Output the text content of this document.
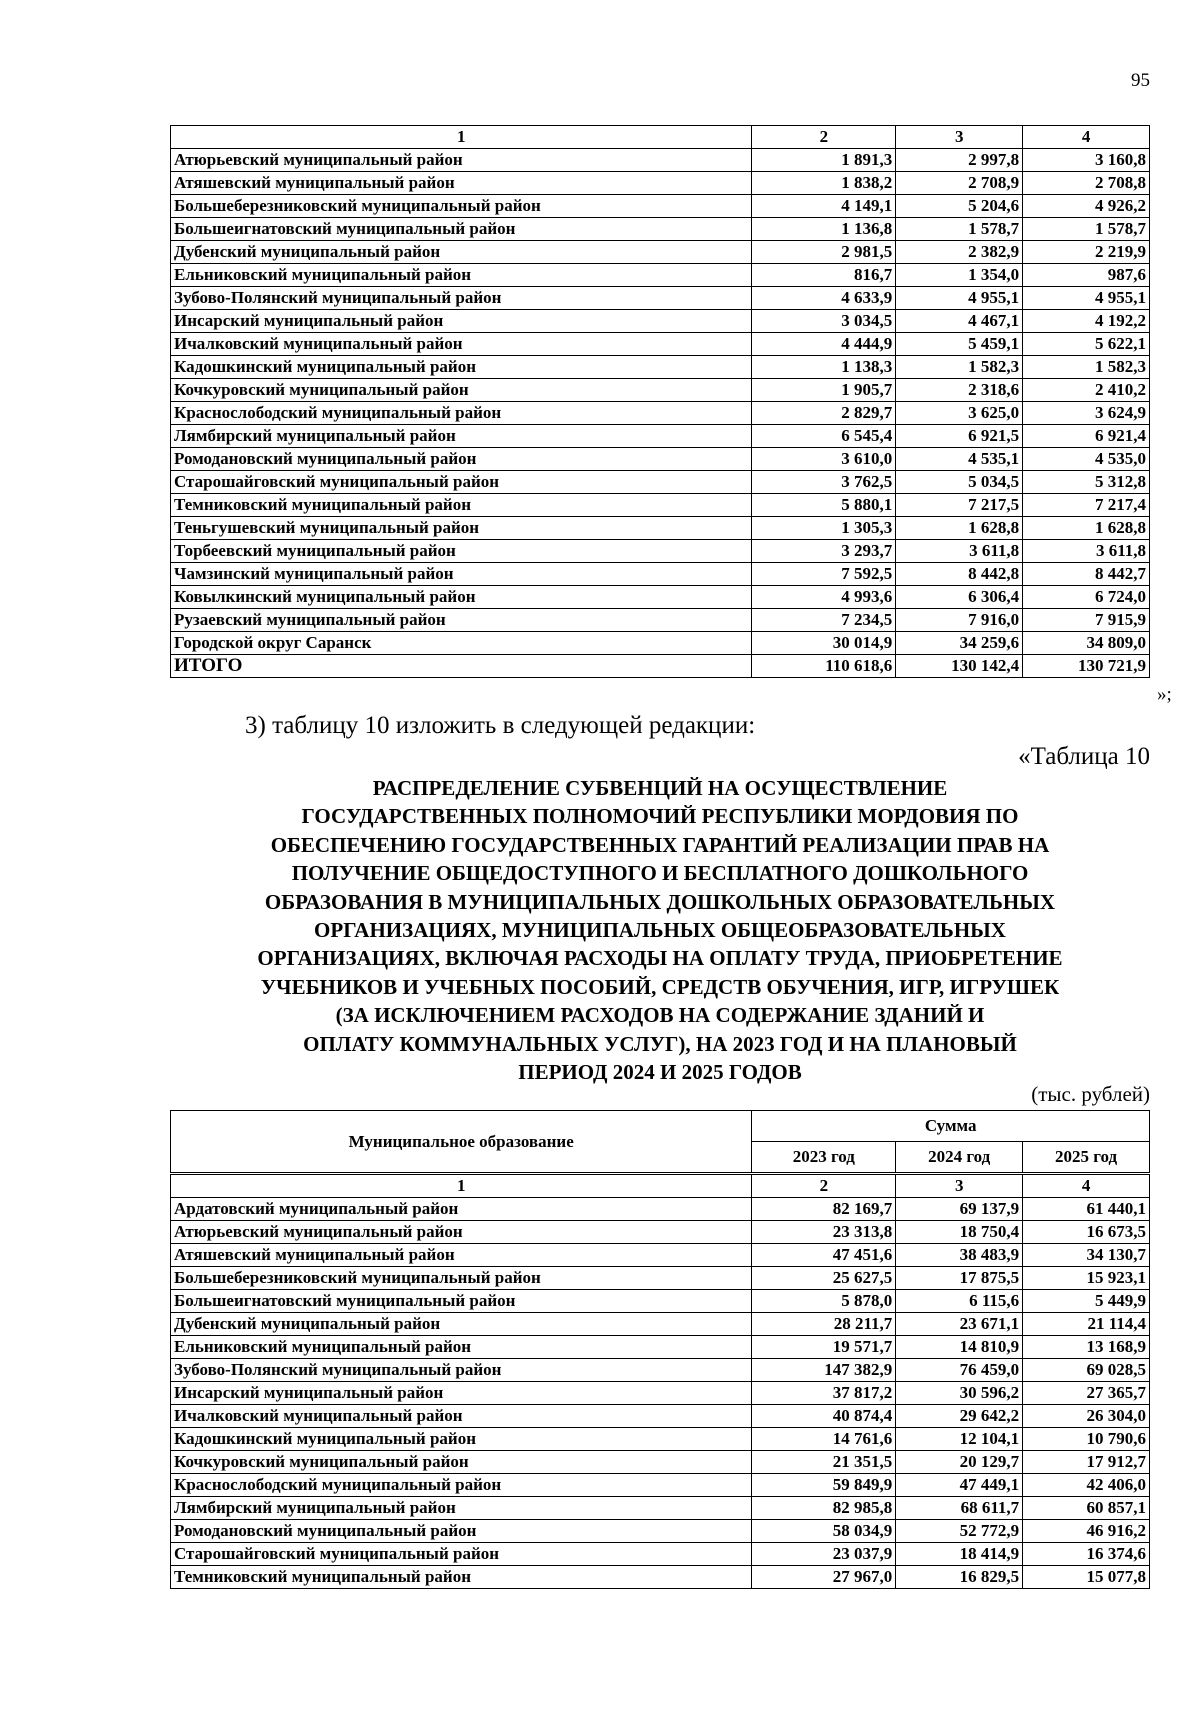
95
1	2	3	4
Атюрьевский муниципальный район	1 891,3	2 997,8	3 160,8
Атяшевский муниципальный район	1 838,2	2 708,9	2 708,8
Большеберезниковский муниципальный район	4 149,1	5 204,6	4 926,2
Большеигнатовский муниципальный район	1 136,8	1 578,7	1 578,7
Дубенский муниципальный район	2 981,5	2 382,9	2 219,9
Ельниковский муниципальный район	816,7	1 354,0	987,6
Зубово-Полянский муниципальный район	4 633,9	4 955,1	4 955,1
Инсарский муниципальный район	3 034,5	4 467,1	4 192,2
Ичалковский муниципальный район	4 444,9	5 459,1	5 622,1
Кадошкинский муниципальный район	1 138,3	1 582,3	1 582,3
Кочкуровский муниципальный район	1 905,7	2 318,6	2 410,2
Краснослободский муниципальный район	2 829,7	3 625,0	3 624,9
Лямбирский муниципальный район	6 545,4	6 921,5	6 921,4
Ромодановский муниципальный район	3 610,0	4 535,1	4 535,0
Старошайговский муниципальный район	3 762,5	5 034,5	5 312,8
Темниковский муниципальный район	5 880,1	7 217,5	7 217,4
Теньгушевский муниципальный район	1 305,3	1 628,8	1 628,8
Торбеевский муниципальный район	3 293,7	3 611,8	3 611,8
Чамзинский муниципальный район	7 592,5	8 442,8	8 442,7
Ковылкинский муниципальный район	4 993,6	6 306,4	6 724,0
Рузаевский муниципальный район	7 234,5	7 916,0	7 915,9
Городской округ Саранск	30 014,9	34 259,6	34 809,0
ИТОГО	110 618,6	130 142,4	130 721,9
»;
3) таблицу 10 изложить в следующей редакции:
«Таблица 10
РАСПРЕДЕЛЕНИЕ СУБВЕНЦИЙ НА ОСУЩЕСТВЛЕНИЕ
ГОСУДАРСТВЕННЫХ ПОЛНОМОЧИЙ РЕСПУБЛИКИ МОРДОВИЯ ПО
ОБЕСПЕЧЕНИЮ ГОСУДАРСТВЕННЫХ ГАРАНТИЙ РЕАЛИЗАЦИИ ПРАВ НА
ПОЛУЧЕНИЕ ОБЩЕДОСТУПНОГО И БЕСПЛАТНОГО ДОШКОЛЬНОГО
ОБРАЗОВАНИЯ В МУНИЦИПАЛЬНЫХ ДОШКОЛЬНЫХ ОБРАЗОВАТЕЛЬНЫХ
ОРГАНИЗАЦИЯХ, МУНИЦИПАЛЬНЫХ ОБЩЕОБРАЗОВАТЕЛЬНЫХ
ОРГАНИЗАЦИЯХ, ВКЛЮЧАЯ РАСХОДЫ НА ОПЛАТУ ТРУДА, ПРИОБРЕТЕНИЕ
УЧЕБНИКОВ И УЧЕБНЫХ ПОСОБИЙ, СРЕДСТВ ОБУЧЕНИЯ, ИГР, ИГРУШЕК
(ЗА ИСКЛЮЧЕНИЕМ РАСХОДОВ НА СОДЕРЖАНИЕ ЗДАНИЙ И
ОПЛАТУ КОММУНАЛЬНЫХ УСЛУГ), НА 2023 ГОД И НА ПЛАНОВЫЙ
ПЕРИОД 2024 И 2025 ГОДОВ
(тыс. рублей)
Муниципальное образование	Сумма		
	2023 год	2024 год	2025 год
1	2	3	4
Ардатовский муниципальный район	82 169,7	69 137,9	61 440,1
Атюрьевский муниципальный район	23 313,8	18 750,4	16 673,5
Атяшевский муниципальный район	47 451,6	38 483,9	34 130,7
Большеберезниковский муниципальный район	25 627,5	17 875,5	15 923,1
Большеигнатовский муниципальный район	5 878,0	6 115,6	5 449,9
Дубенский муниципальный район	28 211,7	23 671,1	21 114,4
Ельниковский муниципальный район	19 571,7	14 810,9	13 168,9
Зубово-Полянский муниципальный район	147 382,9	76 459,0	69 028,5
Инсарский муниципальный район	37 817,2	30 596,2	27 365,7
Ичалковский муниципальный район	40 874,4	29 642,2	26 304,0
Кадошкинский муниципальный район	14 761,6	12 104,1	10 790,6
Кочкуровский муниципальный район	21 351,5	20 129,7	17 912,7
Краснослободский муниципальный район	59 849,9	47 449,1	42 406,0
Лямбирский муниципальный район	82 985,8	68 611,7	60 857,1
Ромодановский муниципальный район	58 034,9	52 772,9	46 916,2
Старошайговский муниципальный район	23 037,9	18 414,9	16 374,6
Темниковский муниципальный район	27 967,0	16 829,5	15 077,8
